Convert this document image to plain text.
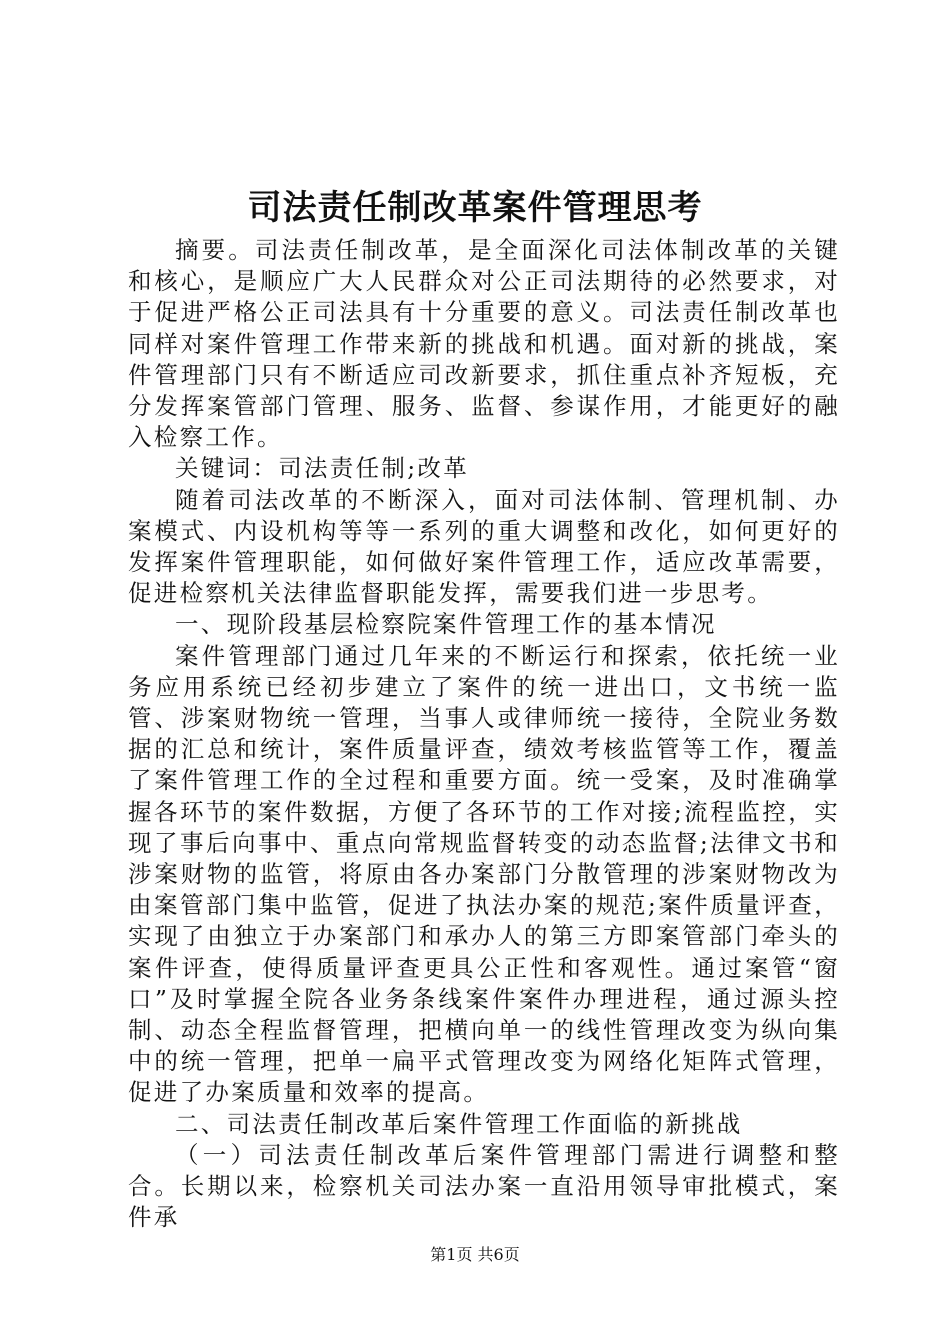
司法责任制改革案件管理思考

摘要。司法责任制改革，是全面深化司法体制改革的关键和核心，是顺应广大人民群众对公正司法期待的必然要求，对于促进严格公正司法具有十分重要的意义。司法责任制改革也同样对案件管理工作带来新的挑战和机遇。面对新的挑战，案件管理部门只有不断适应司改新要求，抓住重点补齐短板，充分发挥案管部门管理、服务、监督、参谋作用，才能更好的融入检察工作。

关键词：司法责任制;改革

随着司法改革的不断深入，面对司法体制、管理机制、办案模式、内设机构等等一系列的重大调整和改化，如何更好的发挥案件管理职能，如何做好案件管理工作，适应改革需要，促进检察机关法律监督职能发挥，需要我们进一步思考。

一、现阶段基层检察院案件管理工作的基本情况

案件管理部门通过几年来的不断运行和探索，依托统一业务应用系统已经初步建立了案件的统一进出口，文书统一监管、涉案财物统一管理，当事人或律师统一接待，全院业务数据的汇总和统计，案件质量评查，绩效考核监管等工作，覆盖了案件管理工作的全过程和重要方面。统一受案，及时准确掌握各环节的案件数据，方便了各环节的工作对接;流程监控，实现了事后向事中、重点向常规监督转变的动态监督;法律文书和涉案财物的监管，将原由各办案部门分散管理的涉案财物改为由案管部门集中监管，促进了执法办案的规范;案件质量评查，实现了由独立于办案部门和承办人的第三方即案管部门牵头的案件评查，使得质量评查更具公正性和客观性。通过案管“窗口”及时掌握全院各业务条线案件案件办理进程，通过源头控制、动态全程监督管理，把横向单一的线性管理改变为纵向集中的统一管理，把单一扁平式管理改变为网络化矩阵式管理，促进了办案质量和效率的提高。

二、司法责任制改革后案件管理工作面临的新挑战

（一）司法责任制改革后案件管理部门需进行调整和整合。长期以来，检察机关司法办案一直沿用领导审批模式，案件承

第1页 共6页
